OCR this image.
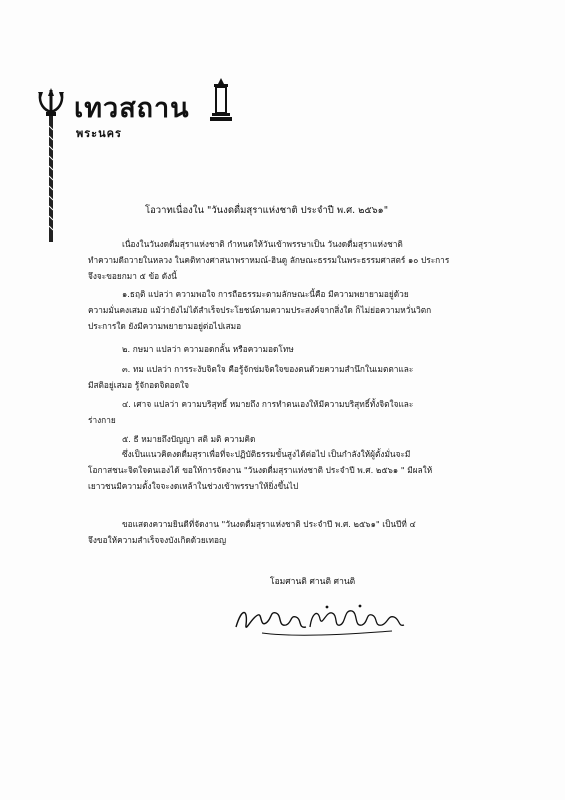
เทวสถาน
พระนคร
โอวาทเนื่องใน "วันงดดื่มสุราแห่งชาติ ประจำปี พ.ศ. ๒๕๖๑"
เนื่องในวันงดดื่มสุราแห่งชาติ กำหนดให้วันเข้าพรรษาเป็น วันงดดื่มสุราแห่งชาติ
ทำความดีถวายในหลวง ในคติทางศาสนาพราหมณ์-ฮินดู ลักษณะธรรมในพระธรรมศาสตร์ ๑๐ ประการ
จึงจะขอยกมา ๕ ข้อ ดังนี้
๑.ธฤติ แปลว่า ความพอใจ การถือธรรมะตามลักษณะนี้คือ มีความพยายามอยู่ด้วย
ความมั่นคงเสมอ แม้ว่ายังไม่ได้สำเร็จประโยชน์ตามความประสงค์จากสิ่งใด ก็ไม่ย่อความหวั่นวิตก
ประการใด ยังมีความพยายามอยู่ต่อไปเสมอ
๒. กษมา แปลว่า ความอดกลั้น หรือความอดโทษ
๓. ทม แปลว่า การระงับจิตใจ คือรู้จักข่มจิตใจของตนด้วยความสำนึกในเมตตาและ
มีสติอยู่เสมอ รู้จักอดจิตอดใจ
๔. เศาจ แปลว่า ความบริสุทธิ์ หมายถึง การทำตนเองให้มีความบริสุทธิ์ทั้งจิตใจและ
ร่างกาย
๕. ธี หมายถึงปัญญา สติ มติ ความคิด
ซึ่งเป็นแนวคิดงดดื่มสุราเพื่อที่จะปฏิบัติธรรมขั้นสูงได้ต่อไป เป็นกำลังให้ผู้ตั้งมั่นจะมี
โอกาสชนะจิตใจตนเองได้ ขอให้การจัดงาน "วันงดดื่มสุราแห่งชาติ ประจำปี พ.ศ. ๒๕๖๑ " มีผลให้
เยาวชนมีความตั้งใจจะงดเหล้าในช่วงเข้าพรรษาให้ยิ่งขึ้นไป
ขอแสดงความยินดีที่จัดงาน "วันงดดื่มสุราแห่งชาติ ประจำปี พ.ศ. ๒๕๖๑" เป็นปีที่ ๔
จึงขอให้ความสำเร็จจงบังเกิดด้วยเทอญ
โอมศานติ ศานติ ศานติ
